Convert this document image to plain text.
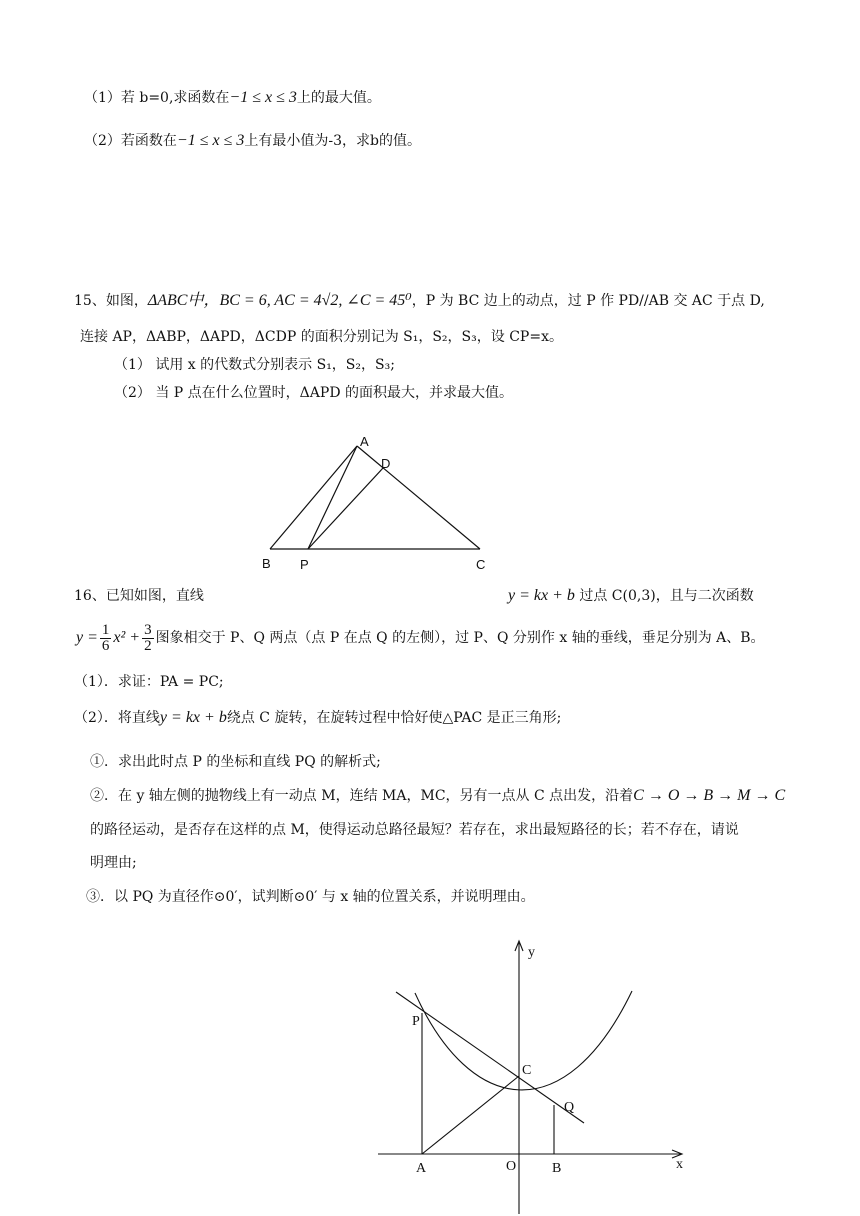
（1）若 b=0,求函数在−1 ≤ x ≤ 3上的最大值。
（2）若函数在−1 ≤ x ≤ 3上有最小值为-3，求b的值。
15、如图，ΔABC中，BC = 6, AC = 4√2, ∠C = 45⁰，P 为 BC 边上的动点，过 P 作 PD//AB 交 AC 于点 D,
连接 AP，ΔABP，ΔAPD，ΔCDP 的面积分别记为 S₁，S₂，S₃，设 CP=x。
（1） 试用 x 的代数式分别表示 S₁，S₂，S₃;
（2） 当 P 点在什么位置时，ΔAPD 的面积最大，并求最大值。
A
D
B P	C
16、已知如图，直线	y = kx + b 过点 C(0,3)，且与二次函数
$y = \frac{1}{6} x^2 + \frac{3}{2}$ 图象相交于 P、Q 两点（点 P 在点 Q 的左侧），过 P、Q 分别作 x 轴的垂线，垂足分别为 A、B。
（1）．求证：PA = PC;
（2）．将直线y = kx + b绕点 C 旋转，在旋转过程中恰好使△PAC 是正三角形;
①．求出此时点 P 的坐标和直线 PQ 的解析式;
②．在 y 轴左侧的抛物线上有一动点 M，连结 MA，MC，另有一点从 C 点出发，沿着C → O → B → M → C
的路径运动，是否存在这样的点 M，使得运动总路径最短？若存在，求出最短路径的长；若不存在，请说
明理由;
③．以 PQ 为直径作⊙0′，试判断⊙0′ 与 x 轴的位置关系，并说明理由。
y
x
P
C
Q
A	O	B
